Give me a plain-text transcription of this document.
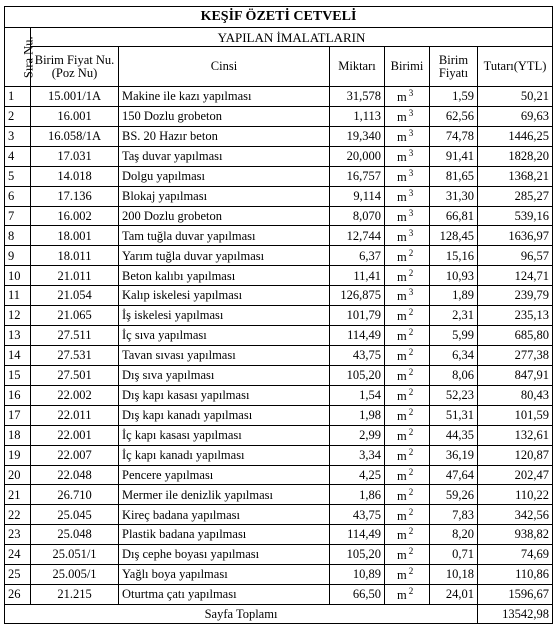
KEŞİF ÖZETİ CETVELİ						
Sıra Nu.	YAPILAN İMALATLARIN					
	Birim Fiyat Nu.(Poz Nu)	Cinsi	Miktarı	Birimi	Birim Fiyatı	Tutarı(YTL)
1	15.001/1A	Makine ile kazı yapılması	31,578	m $^3$	1,59	50,21
2	16.001	150 Dozlu grobeton	1,113	m $^3$	62,56	69,63
3	16.058/1A	BS. 20 Hazır beton	19,340	m $^3$	74,78	1446,25
4	17.031	Taş duvar yapılması	20,000	m $^3$	91,41	1828,20
5	14.018	Dolgu yapılması	16,757	m $^3$	81,65	1368,21
6	17.136	Blokaj yapılması	9,114	m $^3$	31,30	285,27
7	16.002	200 Dozlu grobeton	8,070	m $^3$	66,81	539,16
8	18.001	Tam tuğla duvar yapılması	12,744	m $^3$	128,45	1636,97
9	18.011	Yarım tuğla duvar yapılması	6,37	m $^2$	15,16	96,57
10	21.011	Beton kalıbı yapılması	11,41	m $^2$	10,93	124,71
11	21.054	Kalıp iskelesi yapılması	126,875	m $^3$	1,89	239,79
12	21.065	İş iskelesi yapılması	101,79	m $^2$	2,31	235,13
13	27.511	İç sıva yapılması	114,49	m $^2$	5,99	685,80
14	27.531	Tavan sıvası yapılması	43,75	m $^2$	6,34	277,38
15	27.501	Dış sıva yapılması	105,20	m $^2$	8,06	847,91
16	22.002	Dış kapı kasası yapılması	1,54	m $^2$	52,23	80,43
17	22.011	Dış kapı kanadı yapılması	1,98	m $^2$	51,31	101,59
18	22.001	İç kapı kasası yapılması	2,99	m $^2$	44,35	132,61
19	22.007	İç kapı kanadı yapılması	3,34	m $^2$	36,19	120,87
20	22.048	Pencere yapılması	4,25	m $^2$	47,64	202,47
21	26.710	Mermer ile denizlik yapılması	1,86	m $^2$	59,26	110,22
22	25.045	Kireç badana yapılması	43,75	m $^2$	7,83	342,56
23	25.048	Plastik badana yapılması	114,49	m $^2$	8,20	938,82
24	25.051/1	Dış cephe boyası yapılması	105,20	m $^2$	0,71	74,69
25	25.005/1	Yağlı boya yapılması	10,89	m $^2$	10,18	110,86
26	21.215	Oturtma çatı yapılması	66,50	m $^2$	24,01	1596,67
Sayfa Toplamı						13542,98
